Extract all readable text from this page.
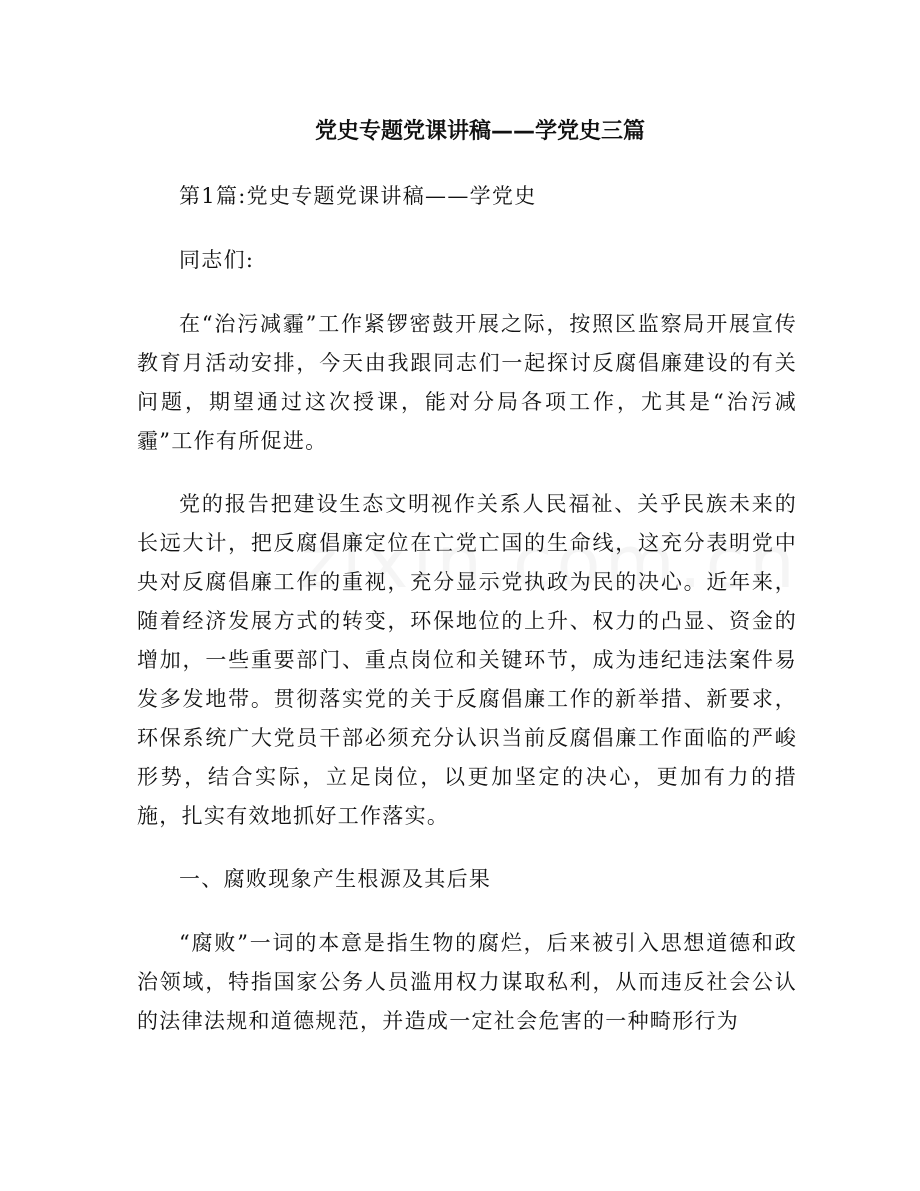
党史专题党课讲稿——学党史三篇

第1篇:党史专题党课讲稿——学党史

同志们:

在“治污减霾”工作紧锣密鼓开展之际，按照区监察局开展宣传教育月活动安排，今天由我跟同志们一起探讨反腐倡廉建设的有关问题，期望通过这次授课，能对分局各项工作，尤其是“治污减霾”工作有所促进。

党的报告把建设生态文明视作关系人民福祉、关乎民族未来的长远大计，把反腐倡廉定位在亡党亡国的生命线，这充分表明党中央对反腐倡廉工作的重视，充分显示党执政为民的决心。近年来，随着经济发展方式的转变，环保地位的上升、权力的凸显、资金的增加，一些重要部门、重点岗位和关键环节，成为违纪违法案件易发多发地带。贯彻落实党的关于反腐倡廉工作的新举措、新要求，环保系统广大党员干部必须充分认识当前反腐倡廉工作面临的严峻形势，结合实际，立足岗位，以更加坚定的决心，更加有力的措施，扎实有效地抓好工作落实。

一、腐败现象产生根源及其后果

“腐败”一词的本意是指生物的腐烂，后来被引入思想道德和政治领域，特指国家公务人员滥用权力谋取私利，从而违反社会公认的法律法规和道德规范，并造成一定社会危害的一种畸形行为
